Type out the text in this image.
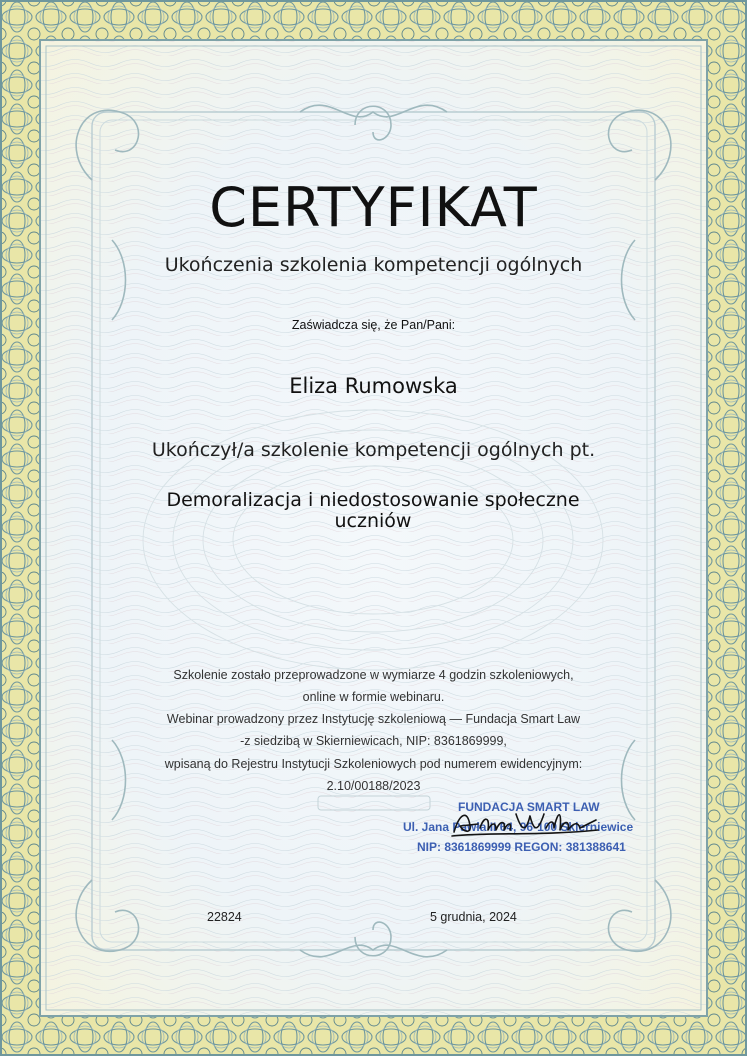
CERTYFIKAT
Ukończenia szkolenia kompetencji ogólnych
Zaświadcza się, że Pan/Pani:
Eliza Rumowska
Ukończył/a szkolenie kompetencji ogólnych pt.
Demoralizacja i niedostosowanie społeczne uczniów
Szkolenie zostało przeprowadzone w wymiarze 4 godzin szkoleniowych,
online w formie webinaru.
Webinar prowadzony przez Instytucję szkoleniową — Fundacja Smart Law
-z siedzibą w Skierniewicach, NIP: 8361869999,
wpisaną do Rejestru Instytucji Szkoleniowych pod numerem ewidencyjnym:
2.10/00188/2023
FUNDACJA SMART LAW
Ul. Jana Pawła II 64, 96-100 Skierniewice
NIP: 8361869999 REGON: 381388641
22824	5 grudnia, 2024
